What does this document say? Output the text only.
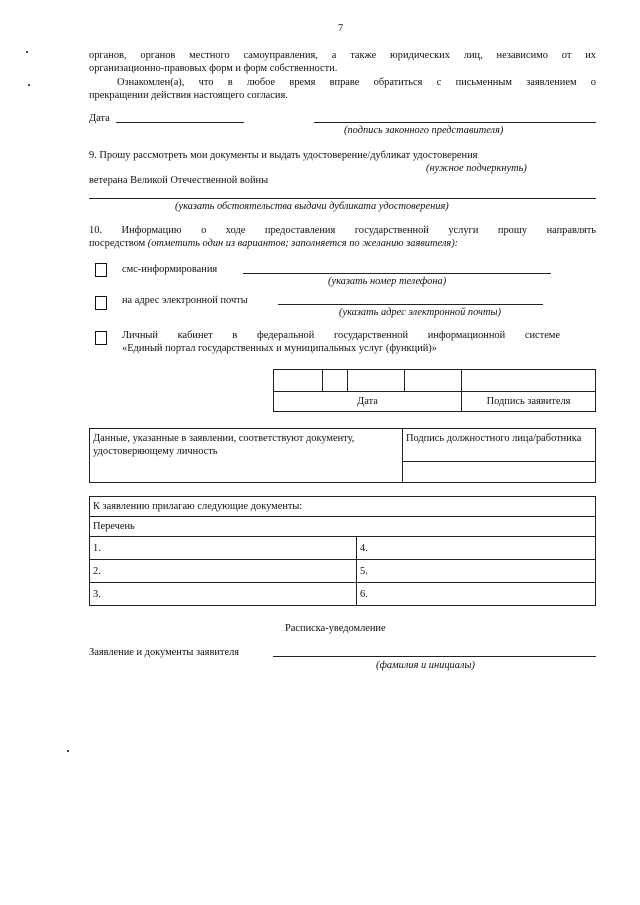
7
органов, органов местного самоуправления, а также юридических лиц, независимо от их
организационно-правовых форм и форм собственности.
Ознакомлен(а), что в любое время вправе обратиться с письменным заявлением о
прекращении действия настоящего согласия.
Дата
(подпись законного представителя)
9. Прошу рассмотреть мои документы и выдать удостоверение/дубликат удостоверения
(нужное подчеркнуть)
ветерана Великой Отечественной войны
(указать обстоятельства выдачи дубликата удостоверения)
10. Информацию о ходе предоставления государственной услуги прошу направлять
посредством (отметить один из вариантов; заполняется по желанию заявителя):
смс-информирования
(указать номер телефона)
на адрес электронной почты
(указать адрес электронной почты)
Личный кабинет в федеральной государственной информационной системе
«Единый портал государственных и муниципальных услуг (функций)»

Дата				Подпись заявителя
Данные, указанные в заявлении, соответствуют документу, удостоверяющему личность	Подпись должностного лица/работника

К заявлению прилагаю следующие документы:	
Перечень	
1.	4.
2.	5.
3.	6.
Расписка-уведомление
Заявление и документы заявителя
(фамилия и инициалы)
